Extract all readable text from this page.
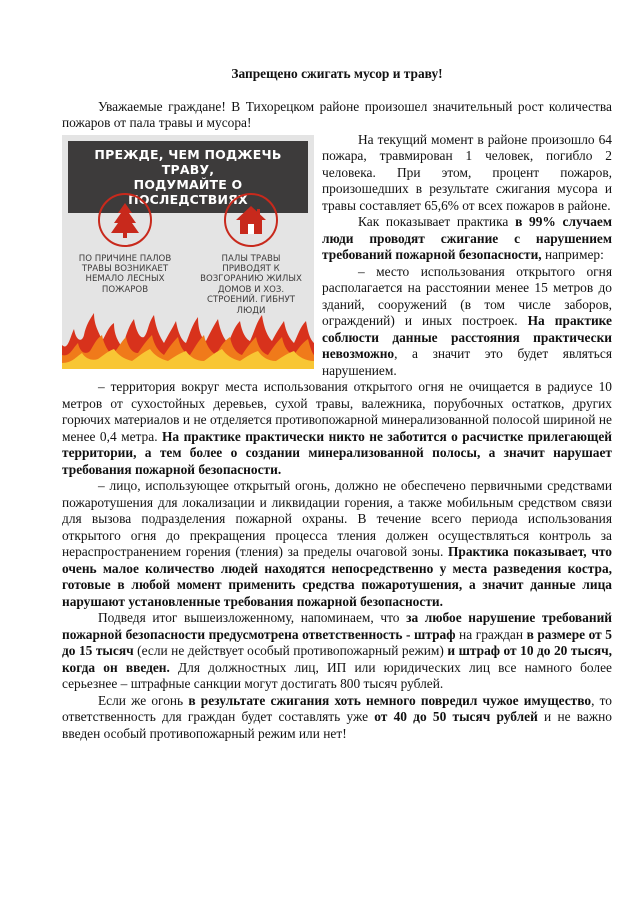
Запрещено сжигать мусор и траву!

Уважаемые граждане! В Тихорецком районе произошел значительный рост количества пожаров от пала травы и мусора!

ПРЕЖДЕ, ЧЕМ ПОДЖЕЧЬ ТРАВУ,
ПОДУМАЙТЕ О ПОСЛЕДСТВИЯХ
ПО ПРИЧИНЕ ПАЛОВ ТРАВЫ ВОЗНИКАЕТ НЕМАЛО ЛЕСНЫХ ПОЖАРОВ
ПАЛЫ ТРАВЫ ПРИВОДЯТ К ВОЗГОРАНИЮ ЖИЛЫХ ДОМОВ И ХОЗ. СТРОЕНИЙ. ГИБНУТ ЛЮДИ

На текущий момент в районе произошло 64 пожара, травмирован 1 человек, погибло 2 человека. При этом, процент пожаров, произошедших в результате сжигания мусора и травы составляет 65,6% от всех пожаров в районе.

Как показывает практика в 99% случаем люди проводят сжигание с нарушением требований пожарной безопасности, например:

– место использования открытого огня располагается на расстоянии менее 15 метров до зданий, сооружений (в том числе заборов, ограждений) и иных построек. На практике соблюсти данные расстояния практически невозможно, а значит это будет являться нарушением.

– территория вокруг места использования открытого огня не очищается в радиусе 10 метров от сухостойных деревьев, сухой травы, валежника, порубочных остатков, других горючих материалов и не отделяется противопожарной минерализованной полосой шириной не менее 0,4 метра. На практике практически никто не заботится о расчистке прилегающей территории, а тем более о создании минерализованной полосы, а значит нарушает требования пожарной безопасности.

– лицо, использующее открытый огонь, должно не обеспечено первичными средствами пожаротушения для локализации и ликвидации горения, а также мобильным средством связи для вызова подразделения пожарной охраны. В течение всего периода использования открытого огня до прекращения процесса тления должен осуществляться контроль за нераспространением горения (тления) за пределы очаговой зоны. Практика показывает, что очень малое количество людей находятся непосредственно у места разведения костра, готовые в любой момент применить средства пожаротушения, а значит данные лица нарушают установленные требования пожарной безопасности.

Подведя итог вышеизложенному, напоминаем, что за любое нарушение требований пожарной безопасности предусмотрена ответственность - штраф на граждан в размере от 5 до 15 тысяч (если не действует особый противопожарный режим) и штраф от 10 до 20 тысяч, когда он введен. Для должностных лиц, ИП или юридических лиц все намного более серьезнее – штрафные санкции могут достигать 800 тысяч рублей.

Если же огонь в результате сжигания хоть немного повредил чужое имущество, то ответственность для граждан будет составлять уже от 40 до 50 тысяч рублей и не важно введен особый противопожарный режим или нет!
